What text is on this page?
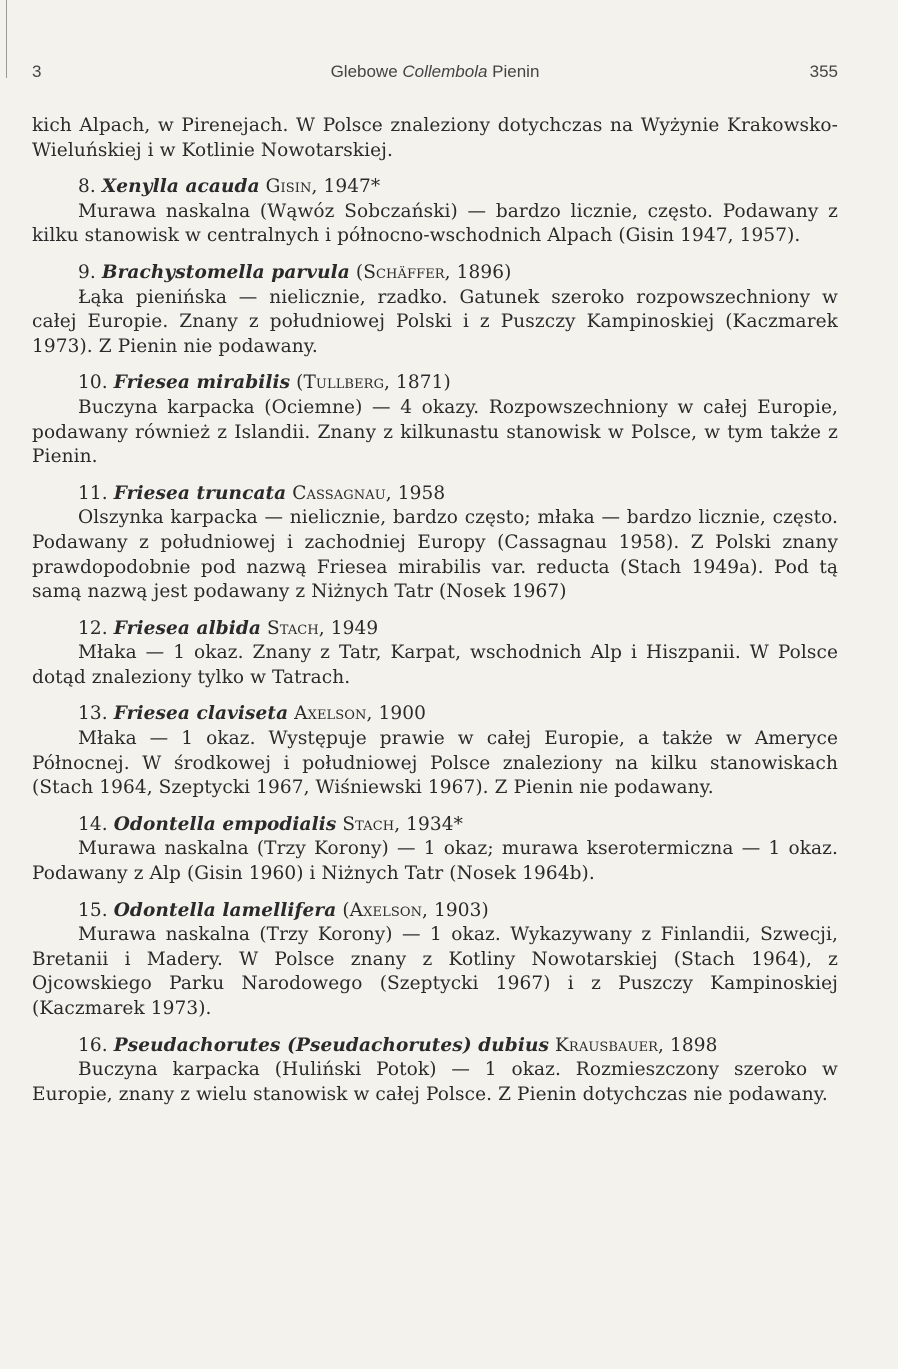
3	Glebowe Collembola Pienin	355

kich Alpach, w Pirenejach. W Polsce znaleziony dotychczas na Wyżynie Krakowsko-Wieluńskiej i w Kotlinie Nowotarskiej.

8. Xenylla acauda Gisin, 1947*

Murawa naskalna (Wąwóz Sobczański) — bardzo licznie, często. Podawany z kilku stanowisk w centralnych i północno-wschodnich Alpach (Gisin 1947, 1957).

9. Brachystomella parvula (Schäffer, 1896)

Łąka pienińska — nielicznie, rzadko. Gatunek szeroko rozpowszechniony w całej Europie. Znany z południowej Polski i z Puszczy Kampinoskiej (Kaczmarek 1973). Z Pienin nie podawany.

10. Friesea mirabilis (Tullberg, 1871)

Buczyna karpacka (Ociemne) — 4 okazy. Rozpowszechniony w całej Europie, podawany również z Islandii. Znany z kilkunastu stanowisk w Polsce, w tym także z Pienin.

11. Friesea truncata Cassagnau, 1958

Olszynka karpacka — nielicznie, bardzo często; młaka — bardzo licznie, często. Podawany z południowej i zachodniej Europy (Cassagnau 1958). Z Polski znany prawdopodobnie pod nazwą Friesea mirabilis var. reducta (Stach 1949a). Pod tą samą nazwą jest podawany z Niżnych Tatr (Nosek 1967)

12. Friesea albida Stach, 1949

Młaka — 1 okaz. Znany z Tatr, Karpat, wschodnich Alp i Hiszpanii. W Polsce dotąd znaleziony tylko w Tatrach.

13. Friesea claviseta Axelson, 1900

Młaka — 1 okaz. Występuje prawie w całej Europie, a także w Ameryce Północnej. W środkowej i południowej Polsce znaleziony na kilku stanowiskach (Stach 1964, Szeptycki 1967, Wiśniewski 1967). Z Pienin nie podawany.

14. Odontella empodialis Stach, 1934*

Murawa naskalna (Trzy Korony) — 1 okaz; murawa kserotermiczna — 1 okaz. Podawany z Alp (Gisin 1960) i Niżnych Tatr (Nosek 1964b).

15. Odontella lamellifera (Axelson, 1903)

Murawa naskalna (Trzy Korony) — 1 okaz. Wykazywany z Finlandii, Szwecji, Bretanii i Madery. W Polsce znany z Kotliny Nowotarskiej (Stach 1964), z Ojcowskiego Parku Narodowego (Szeptycki 1967) i z Puszczy Kampinoskiej (Kaczmarek 1973).

16. Pseudachorutes (Pseudachorutes) dubius Krausbauer, 1898

Buczyna karpacka (Huliński Potok) — 1 okaz. Rozmieszczony szeroko w Europie, znany z wielu stanowisk w całej Polsce. Z Pienin dotychczas nie podawany.
